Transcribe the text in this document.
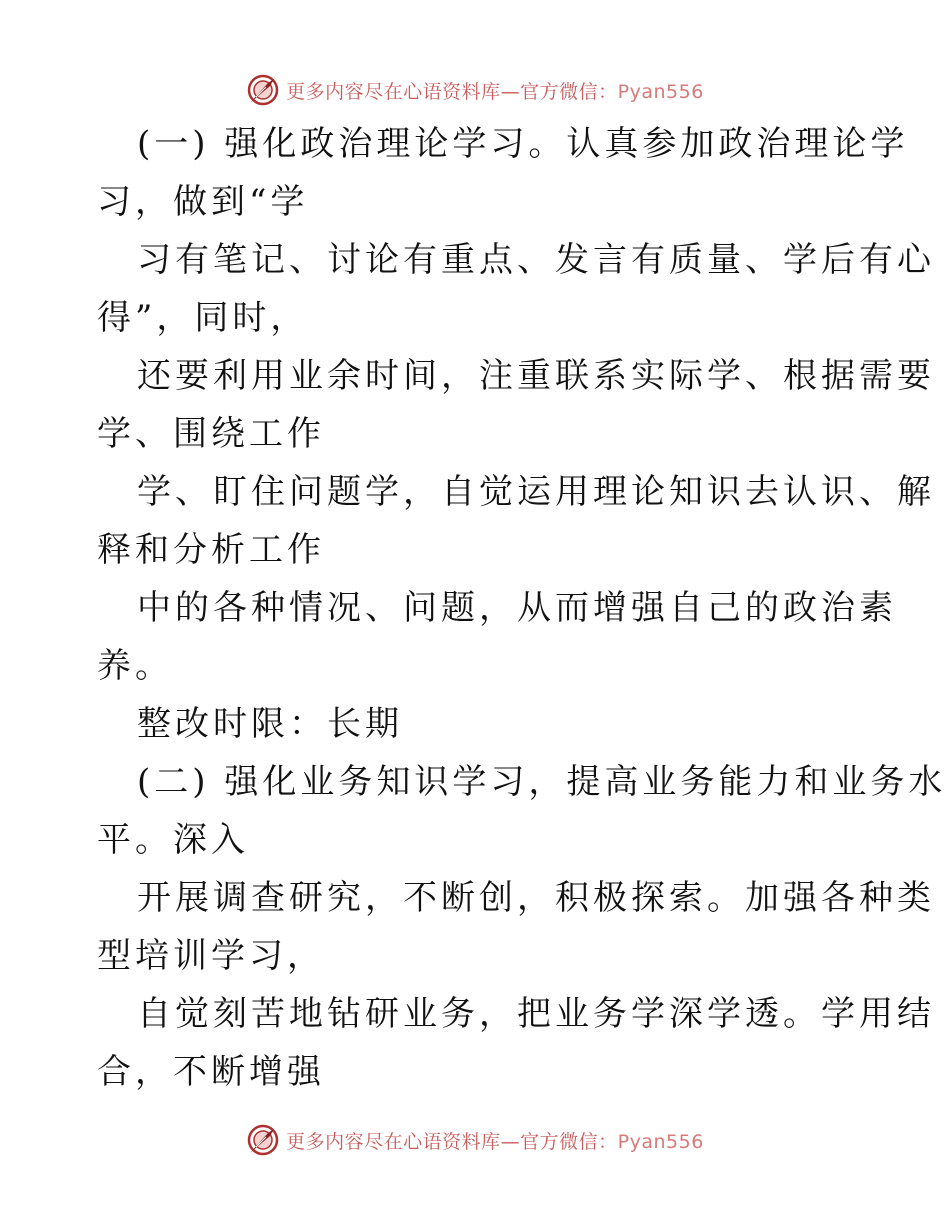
更多内容尽在心语资料库—官方微信：Pyan556
(一) 强化政治理论学习。认真参加政治理论学
习，做到“学
习有笔记、讨论有重点、发言有质量、学后有心
得”，同时，
还要利用业余时间，注重联系实际学、根据需要
学、围绕工作
学、盯住问题学，自觉运用理论知识去认识、解
释和分析工作
中的各种情况、问题，从而增强自己的政治素
养。
整改时限：长期
(二) 强化业务知识学习，提高业务能力和业务水
平。深入
开展调查研究，不断创，积极探索。加强各种类
型培训学习，
自觉刻苦地钻研业务，把业务学深学透。学用结
合，不断增强
更多内容尽在心语资料库—官方微信：Pyan556
